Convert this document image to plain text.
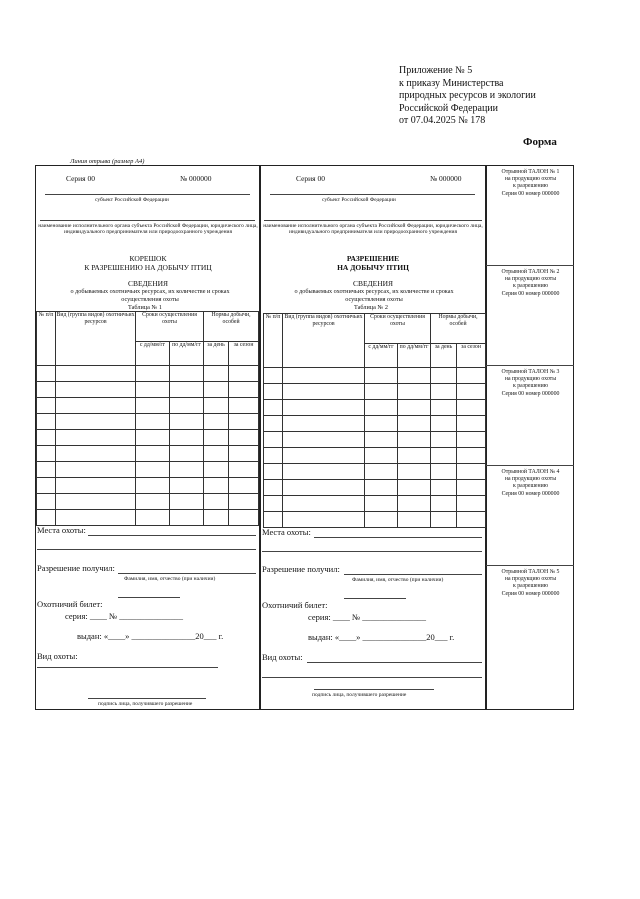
Приложение № 5
к приказу Министерства
природных ресурсов и экологии
Российской Федерации
от 07.04.2025 № 178
Форма
Линия отрыва (размер А4)
Серия 00	№ 000000
субъект Российской Федерации
наименование исполнительного органа субъекта Российской Федерации, юридического лица, индивидуального предпринимателя или природоохранного учреждения
КОРЕШОК
К РАЗРЕШЕНИЮ НА ДОБЫЧУ ПТИЦ
СВЕДЕНИЯ
о добываемых охотничьих ресурсах, их количестве и сроках осуществления охоты
Таблица № 1
№ п/п	Вид (группа видов) охотничьих ресурсов	Сроки осуществления охоты		Нормы добычи, особей	
		с дд/мм/гг	по дд/мм/гг	за день	за сезон

Места охоты:
Разрешение получил:
Фамилия, имя, отчество (при наличии)
Охотничий билет:
серия: ____ № _______________
выдан: «____» _______________20___ г.
Вид охоты:
подпись лица, получившего разрешение
Серия 00	№ 000000
субъект Российской Федерации
наименование исполнительного органа субъекта Российской Федерации, юридического лица, индивидуального предпринимателя или природоохранного учреждения
РАЗРЕШЕНИЕ
НА ДОБЫЧУ ПТИЦ
СВЕДЕНИЯ
о добываемых охотничьих ресурсах, их количестве и сроках осуществления охоты
Таблица № 2
№ п/п	Вид (группа видов) охотничьих ресурсов	Сроки осуществления охоты		Нормы добычи, особей	
		с дд/мм/гг	по дд/мм/гг	за день	за сезон

Места охоты:
Разрешение получил:
Фамилия, имя, отчество (при наличии)
Охотничий билет:
серия: ____ № _______________
выдан: «____» _______________20___ г.
Вид охоты:
подпись лица, получившего разрешение
Отрывной ТАЛОН № 1
на продукцию охоты
к разрешению
Серия 00 номер 000000
Отрывной ТАЛОН № 2
на продукцию охоты
к разрешению
Серия 00 номер 000000
Отрывной ТАЛОН № 3
на продукцию охоты
к разрешению
Серия 00 номер 000000
Отрывной ТАЛОН № 4
на продукцию охоты
к разрешению
Серия 00 номер 000000
Отрывной ТАЛОН № 5
на продукцию охоты
к разрешению
Серия 00 номер 000000
